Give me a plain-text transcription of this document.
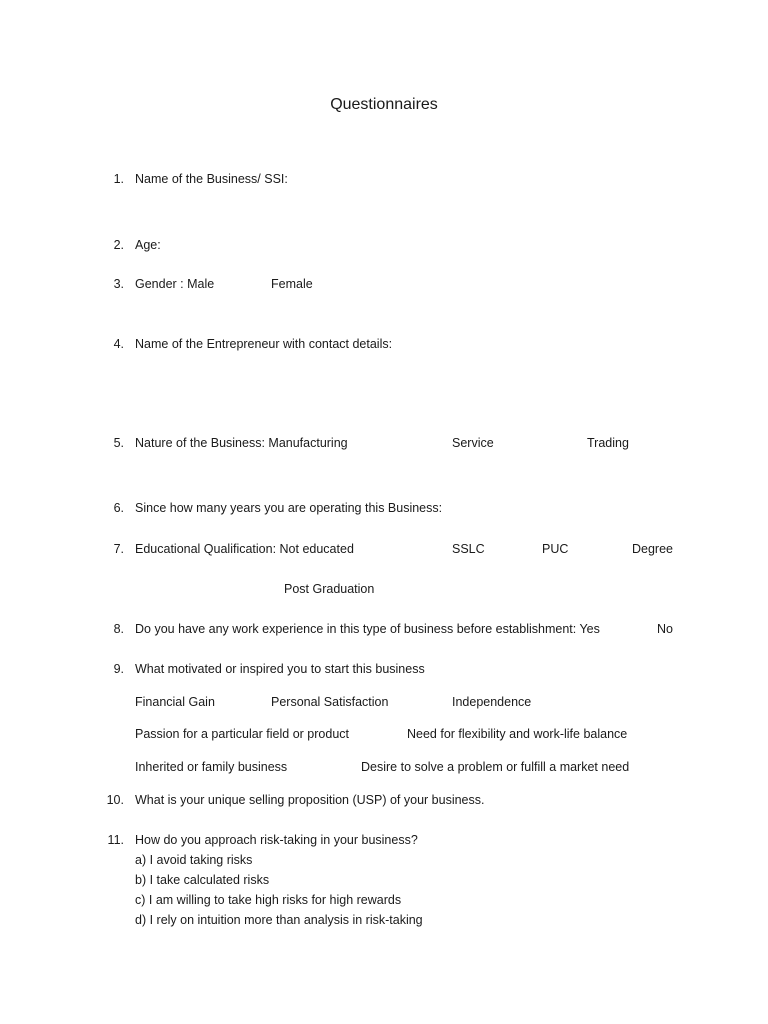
Questionnaires
1. Name of the Business/ SSI:
2. Age:
3. Gender : Male	Female
4. Name of the Entrepreneur with contact details:
5. Nature of the Business: Manufacturing	Service	Trading
6. Since how many years you are operating this Business:
7. Educational Qualification: Not educated	SSLC	PUC	Degree
Post Graduation
8. Do you have any work experience in this type of business before establishment: Yes	No
9. What motivated or inspired you to start this business
Financial Gain	Personal Satisfaction	Independence
Passion for a particular field or product	Need for flexibility and work-life balance
Inherited or family business	Desire to solve a problem or fulfill a market need
10. What is your unique selling proposition (USP) of your business.
11. How do you approach risk-taking in your business?
a) I avoid taking risks
b) I take calculated risks
c) I am willing to take high risks for high rewards
d) I rely on intuition more than analysis in risk-taking
